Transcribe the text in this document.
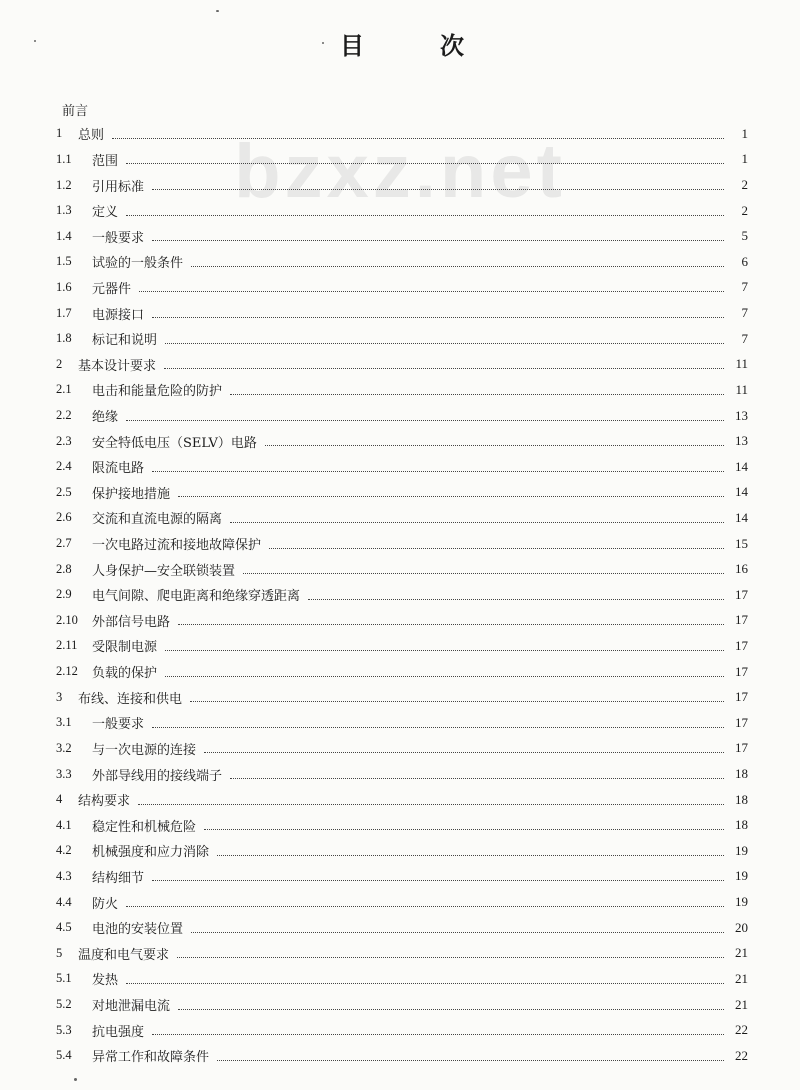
目	次
bzxz.net
前言
1	总则	1
1.1	范围	1
1.2	引用标准	2
1.3	定义	2
1.4	一般要求	5
1.5	试验的一般条件	6
1.6	元器件	7
1.7	电源接口	7
1.8	标记和说明	7
2	基本设计要求	11
2.1	电击和能量危险的防护	11
2.2	绝缘	13
2.3	安全特低电压（SELV）电路	13
2.4	限流电路	14
2.5	保护接地措施	14
2.6	交流和直流电源的隔离	14
2.7	一次电路过流和接地故障保护	15
2.8	人身保护—安全联锁装置	16
2.9	电气间隙、爬电距离和绝缘穿透距离	17
2.10	外部信号电路	17
2.11	受限制电源	17
2.12	负载的保护	17
3	布线、连接和供电	17
3.1	一般要求	17
3.2	与一次电源的连接	17
3.3	外部导线用的接线端子	18
4	结构要求	18
4.1	稳定性和机械危险	18
4.2	机械强度和应力消除	19
4.3	结构细节	19
4.4	防火	19
4.5	电池的安装位置	20
5	温度和电气要求	21
5.1	发热	21
5.2	对地泄漏电流	21
5.3	抗电强度	22
5.4	异常工作和故障条件	22
